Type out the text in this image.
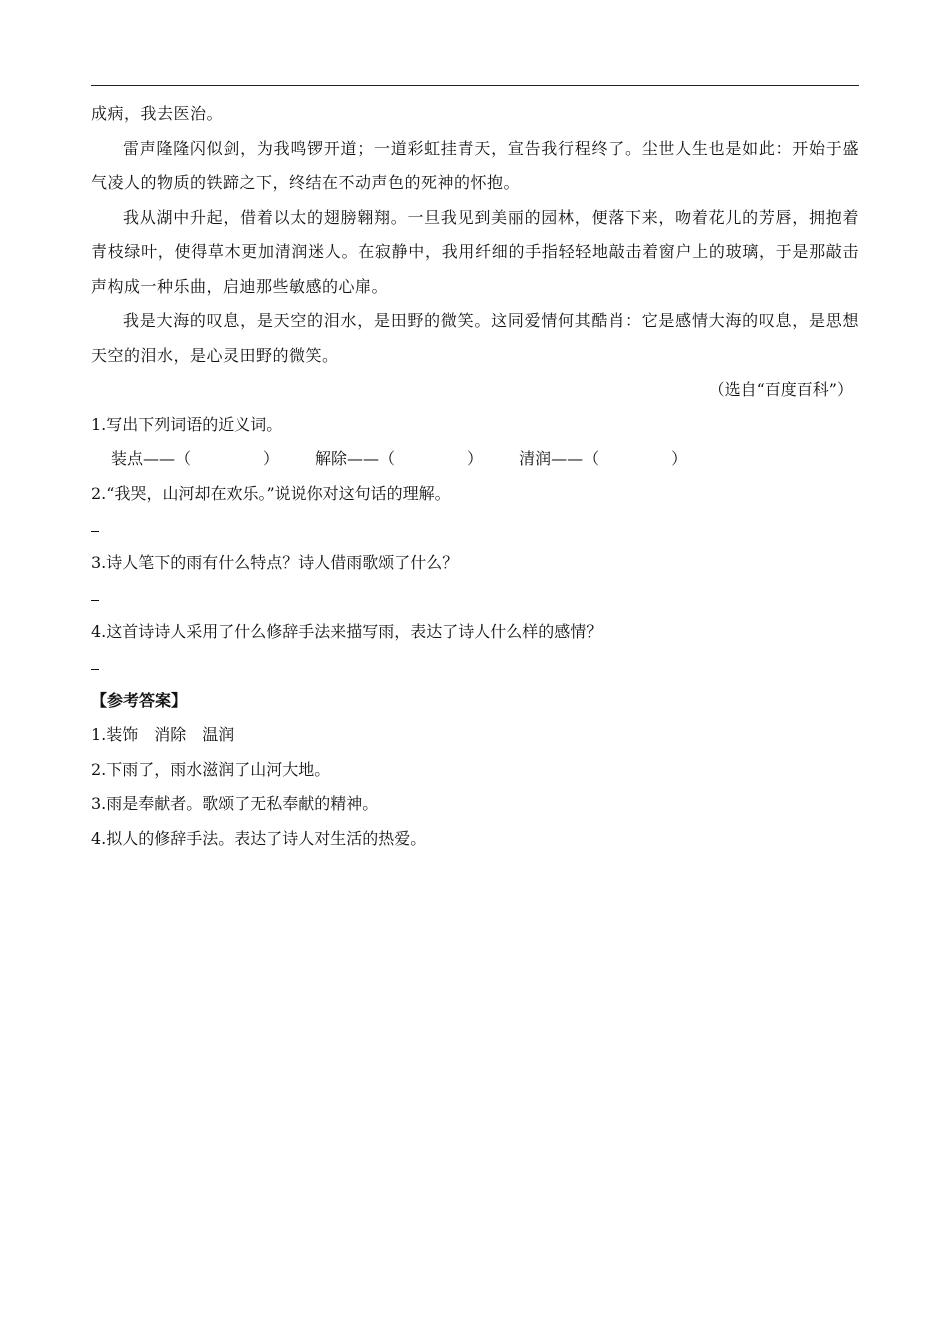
成病，我去医治。

雷声隆隆闪似剑，为我鸣锣开道；一道彩虹挂青天，宣告我行程终了。尘世人生也是如此：开始于盛气凌人的物质的铁蹄之下，终结在不动声色的死神的怀抱。

我从湖中升起，借着以太的翅膀翱翔。一旦我见到美丽的园林，便落下来，吻着花儿的芳唇，拥抱着青枝绿叶，使得草木更加清润迷人。在寂静中，我用纤细的手指轻轻地敲击着窗户上的玻璃，于是那敲击声构成一种乐曲，启迪那些敏感的心扉。

我是大海的叹息，是天空的泪水，是田野的微笑。这同爱情何其酷肖：它是感情大海的叹息，是思想天空的泪水，是心灵田野的微笑。

（选自“百度百科”）

1.写出下列词语的近义词。

装点——（	） 解除——（	） 清润——（	）

2.“我哭，山河却在欢乐。”说说你对这句话的理解。

3.诗人笔下的雨有什么特点？诗人借雨歌颂了什么？

4.这首诗诗人采用了什么修辞手法来描写雨，表达了诗人什么样的感情？

【参考答案】

1.装饰　消除　温润

2.下雨了，雨水滋润了山河大地。

3.雨是奉献者。歌颂了无私奉献的精神。

4.拟人的修辞手法。表达了诗人对生活的热爱。
